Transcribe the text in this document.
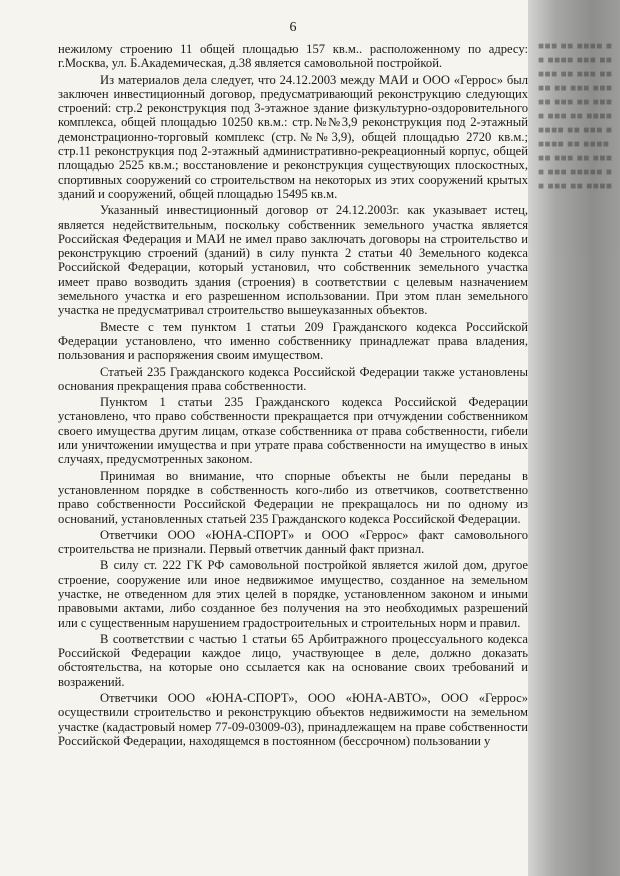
■■■ ■■ ■■■■ ■■ ■■■■ ■■■ ■■■■■ ■■ ■■■ ■■■■ ■■ ■■■ ■■■■■ ■■■ ■■ ■■■■ ■■■ ■■ ■■■■ ■■■■ ■■ ■■■ ■■■■■ ■■ ■■■■ ■■ ■■■ ■■ ■■■■ ■■■ ■■■■■ ■■ ■■■ ■■ ■■■■
6

нежилому строению 11 общей площадью 157 кв.м.. расположенному по адресу: г.Москва, ул. Б.Академическая, д.38 является самовольной постройкой.

Из материалов дела следует, что 24.12.2003 между МАИ и ООО «Геррос» был заключен инвестиционный договор, предусматривающий реконструкцию следующих строений: стр.2 реконструкция под 3-этажное здание физкультурно-оздоровительного комплекса, общей площадью 10250 кв.м.: стр.№№3,9 реконструкция под 2-этажный демонстрационно-торговый комплекс (стр.№№3,9), общей площадью 2720 кв.м.; стр.11 реконструкция под 2-этажный административно-рекреационный корпус, общей площадью 2525 кв.м.; восстановление и реконструкция существующих плоскостных, спортивных сооружений со строительством на некоторых из этих сооружений крытых зданий и сооружений, общей площадью 15495 кв.м.

Указанный инвестиционный договор от 24.12.2003г. как указывает истец, является недействительным, поскольку собственник земельного участка является Российская Федерация и МАИ не имел право заключать договоры на строительство и реконструкцию строений (зданий) в силу пункта 2 статьи 40 Земельного кодекса Российской Федерации, который установил, что собственник земельного участка имеет право возводить здания (строения) в соответствии с целевым назначением земельного участка и его разрешенном использовании. При этом план земельного участка не предусматривал строительство вышеуказанных объектов.

Вместе с тем пунктом 1 статьи 209 Гражданского кодекса Российской Федерации установлено, что именно собственнику принадлежат права владения, пользования и распоряжения своим имуществом.

Статьей 235 Гражданского кодекса Российской Федерации также установлены основания прекращения права собственности.

Пунктом 1 статьи 235 Гражданского кодекса Российской Федерации установлено, что право собственности прекращается при отчуждении собственником своего имущества другим лицам, отказе собственника от права собственности, гибели или уничтожении имущества и при утрате права собственности на имущество в иных случаях, предусмотренных законом.

Принимая во внимание, что спорные объекты не были переданы в установленном порядке в собственность кого-либо из ответчиков, соответственно право собственности Российской Федерации не прекращалось ни по одному из оснований, установленных статьей 235 Гражданского кодекса Российской Федерации.

Ответчики ООО «ЮНА-СПОРТ» и ООО «Геррос» факт самовольного строительства не признали. Первый ответчик данный факт признал.

В силу ст. 222 ГК РФ самовольной постройкой является жилой дом, другое строение, сооружение или иное недвижимое имущество, созданное на земельном участке, не отведенном для этих целей в порядке, установленном законом и иными правовыми актами, либо созданное без получения на это необходимых разрешений или с существенным нарушением градостроительных и строительных норм и правил.

В соответствии с частью 1 статьи 65 Арбитражного процессуального кодекса Российской Федерации каждое лицо, участвующее в деле, должно доказать обстоятельства, на которые оно ссылается как на основание своих требований и возражений.

Ответчики ООО «ЮНА-СПОРТ», ООО «ЮНА-АВТО», ООО «Геррос» осуществили строительство и реконструкцию объектов недвижимости на земельном участке (кадастровый номер 77-09-03009-03), принадлежащем на праве собственности Российской Федерации, находящемся в постоянном (бессрочном) пользовании у
